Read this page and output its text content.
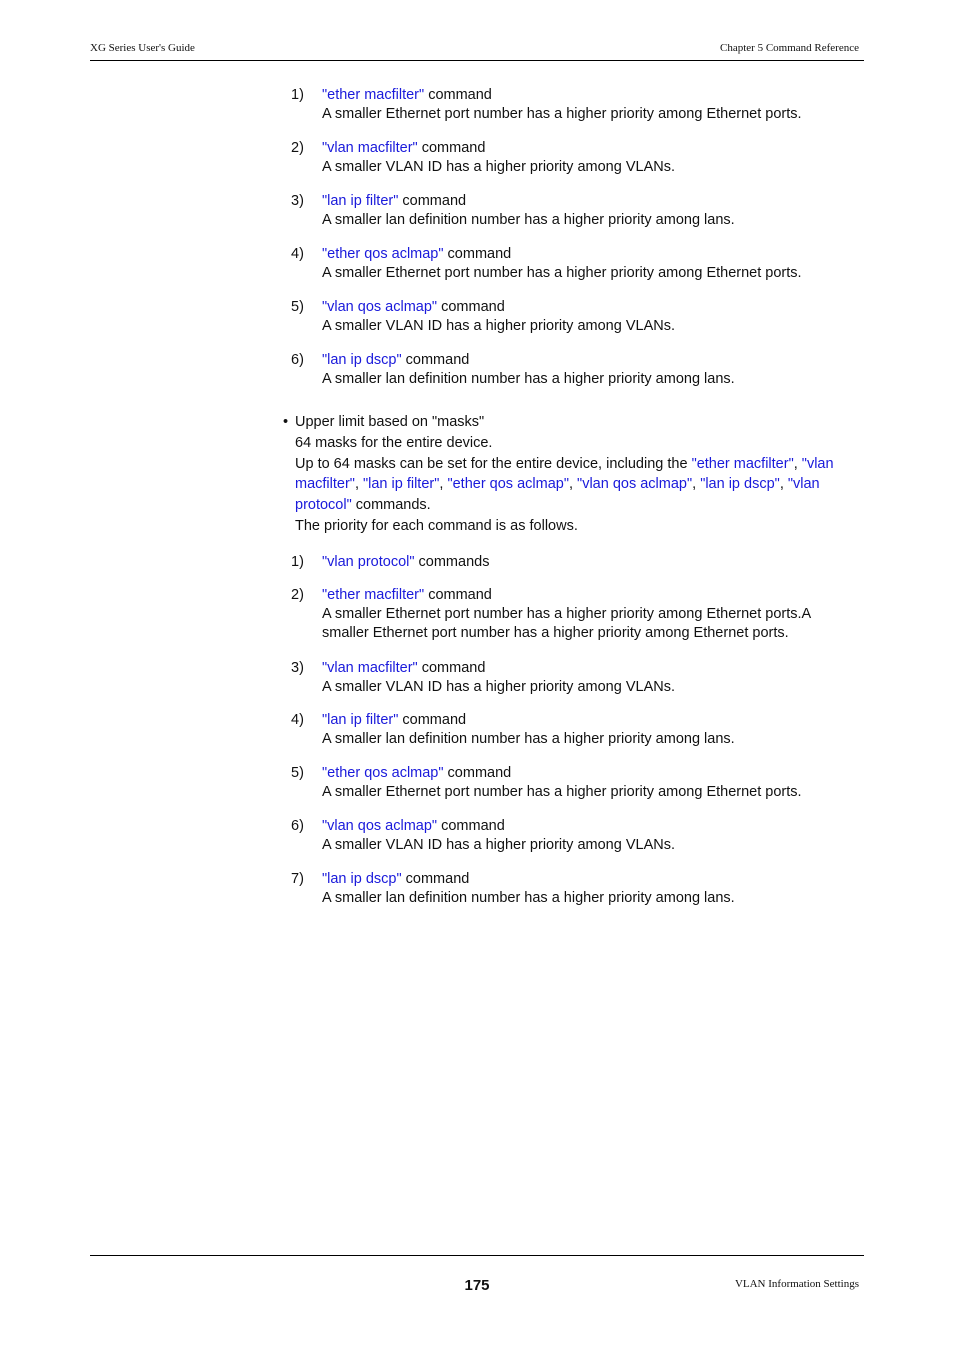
XG Series User's Guide	Chapter 5 Command Reference
1) "ether macfilter" command
A smaller Ethernet port number has a higher priority among Ethernet ports.
2) "vlan macfilter" command
A smaller VLAN ID has a higher priority among VLANs.
3) "lan ip filter" command
A smaller lan definition number has a higher priority among lans.
4) "ether qos aclmap" command
A smaller Ethernet port number has a higher priority among Ethernet ports.
5) "vlan qos aclmap" command
A smaller VLAN ID has a higher priority among VLANs.
6) "lan ip dscp" command
A smaller lan definition number has a higher priority among lans.
• Upper limit based on "masks"
64 masks for the entire device.
Up to 64 masks can be set for the entire device, including the "ether macfilter", "vlan macfilter", "lan ip filter", "ether qos aclmap", "vlan qos aclmap", "lan ip dscp", "vlan protocol" commands.
The priority for each command is as follows.
1) "vlan protocol" commands
2) "ether macfilter" command
A smaller Ethernet port number has a higher priority among Ethernet ports.A smaller Ethernet port number has a higher priority among Ethernet ports.
3) "vlan macfilter" command
A smaller VLAN ID has a higher priority among VLANs.
4) "lan ip filter" command
A smaller lan definition number has a higher priority among lans.
5) "ether qos aclmap" command
A smaller Ethernet port number has a higher priority among Ethernet ports.
6) "vlan qos aclmap" command
A smaller VLAN ID has a higher priority among VLANs.
7) "lan ip dscp" command
A smaller lan definition number has a higher priority among lans.
175	VLAN Information Settings
